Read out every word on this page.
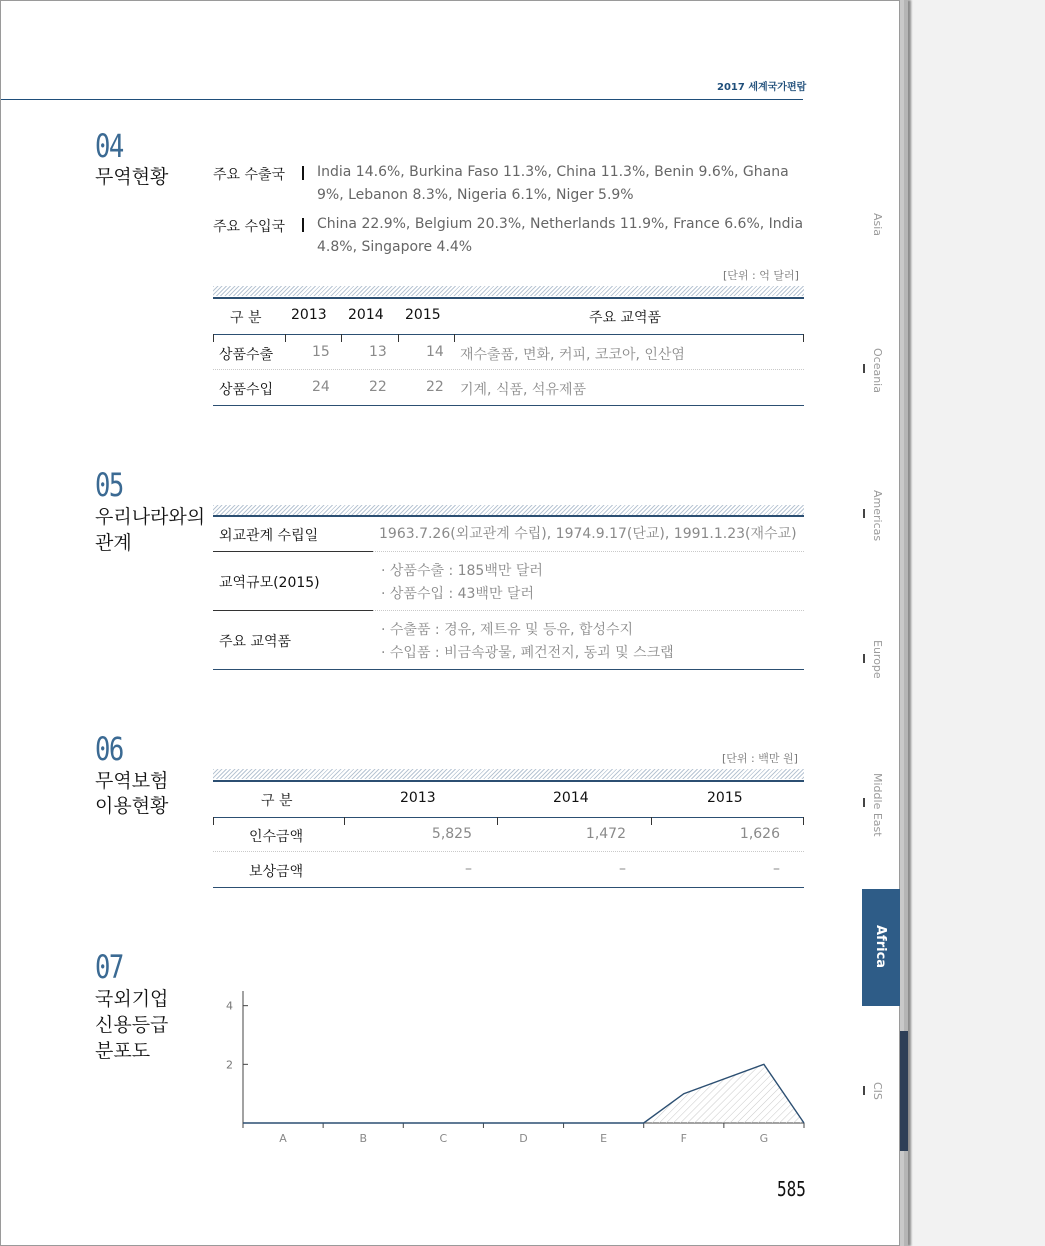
2017 세계국가편람
04
무역현황	주요 수출국 India 14.6%, Burkina Faso 11.3%, China 11.3%, Benin 9.6%, Ghana
9%, Lebanon 8.3%, Nigeria 6.1%, Niger 5.9%
주요 수입국 China 22.9%, Belgium 20.3%, Netherlands 11.9%, France 6.6%, India
4.8%, Singapore 4.4%
[단위 : 억 달러]
구 분 2013 2014 2015	주요 교역품
상품수출	15	13	14 재수출품, 면화, 커피, 코코아, 인산염
상품수입	24	22	22 기계, 식품, 석유제품
05
우리나라와의
관계	외교관계 수립일	1963.7.26(외교관계 수립), 1974.9.17(단교), 1991.1.23(재수교)
교역규모(2015)
· 상품수출 : 185백만 달러
· 상품수입 : 43백만 달러
주요 교역품
· 수출품 : 경유, 제트유 및 등유, 합성수지
· 수입품 : 비금속광물, 폐건전지, 동괴 및 스크랩
06
무역보험
이용현황
[단위 : 백만 원]
구 분	2013	2014	2015
인수금액	5,825	1,472	1,626
보상금액	–	–	–
07
국외기업
신용등급
분포도
2
4
A	B	C	D	E	F	G
Asia
Oceania
Americas
Europe
Middle East
Africa
CIS
585
